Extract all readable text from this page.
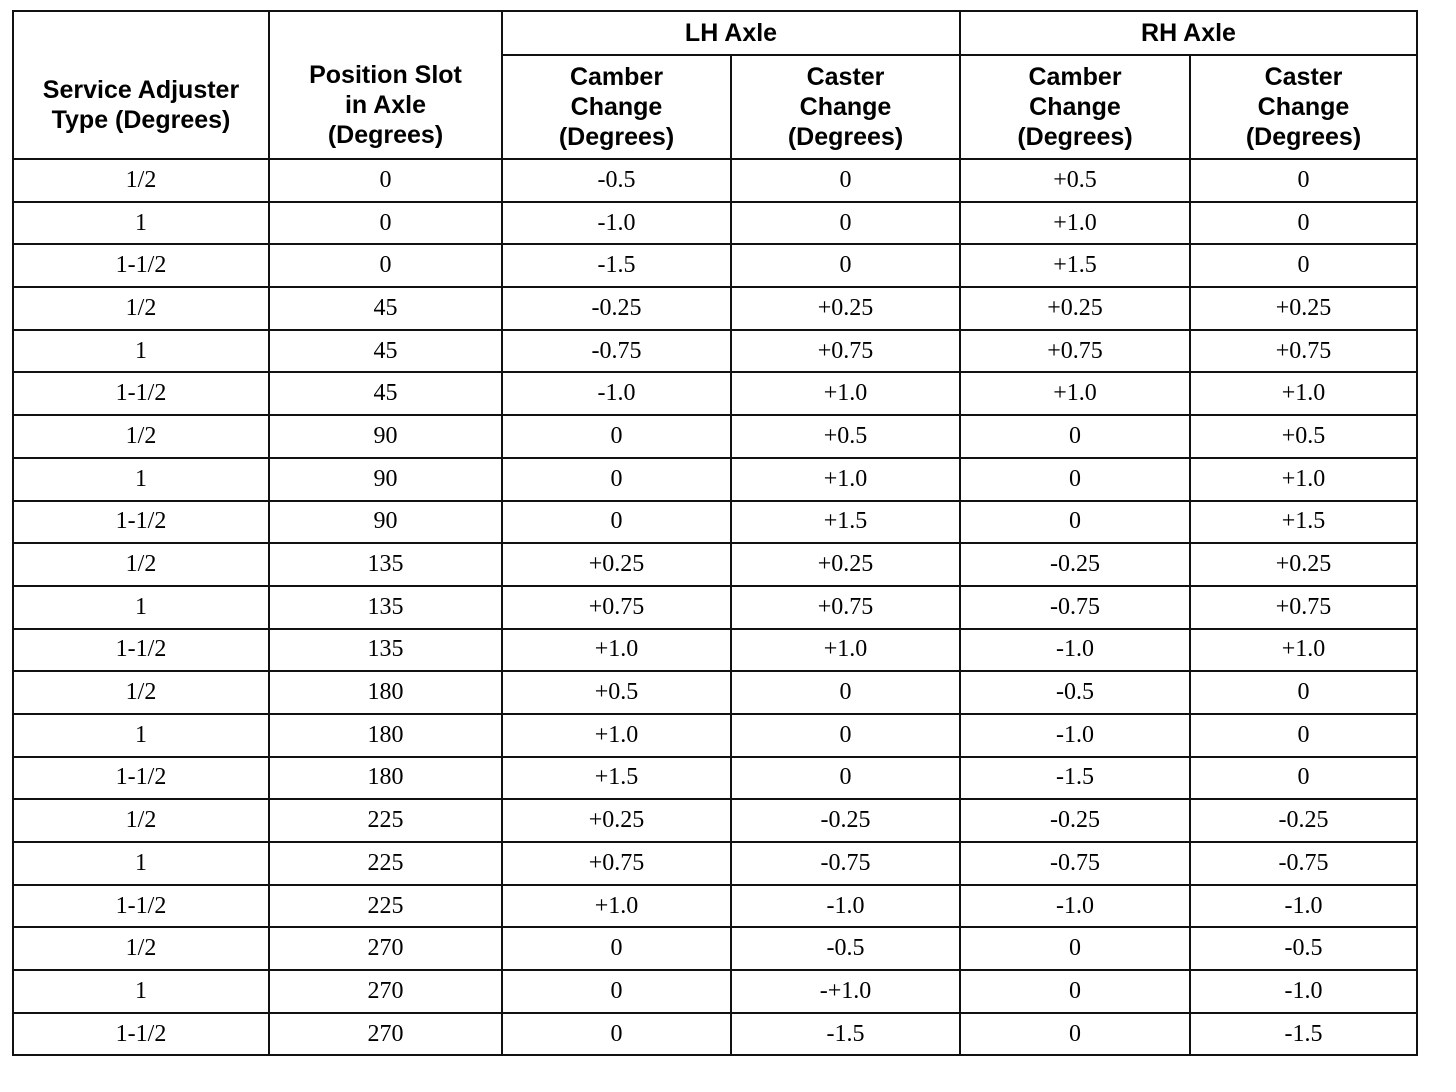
Service Adjuster
Type (Degrees)	Position Slot
in Axle
(Degrees)	LH Axle		RH Axle	

		Camber
Change
(Degrees)	Caster
Change
(Degrees)	Camber
Change
(Degrees)	Caster
Change
(Degrees)

1/2	0	-0.5	0	+0.5	0
1	0	-1.0	0	+1.0	0
1-1/2	0	-1.5	0	+1.5	0
1/2	45	-0.25	+0.25	+0.25	+0.25
1	45	-0.75	+0.75	+0.75	+0.75
1-1/2	45	-1.0	+1.0	+1.0	+1.0
1/2	90	0	+0.5	0	+0.5
1	90	0	+1.0	0	+1.0
1-1/2	90	0	+1.5	0	+1.5
1/2	135	+0.25	+0.25	-0.25	+0.25
1	135	+0.75	+0.75	-0.75	+0.75
1-1/2	135	+1.0	+1.0	-1.0	+1.0
1/2	180	+0.5	0	-0.5	0
1	180	+1.0	0	-1.0	0
1-1/2	180	+1.5	0	-1.5	0
1/2	225	+0.25	-0.25	-0.25	-0.25
1	225	+0.75	-0.75	-0.75	-0.75
1-1/2	225	+1.0	-1.0	-1.0	-1.0
1/2	270	0	-0.5	0	-0.5
1	270	0	-+1.0	0	-1.0
1-1/2	270	0	-1.5	0	-1.5
